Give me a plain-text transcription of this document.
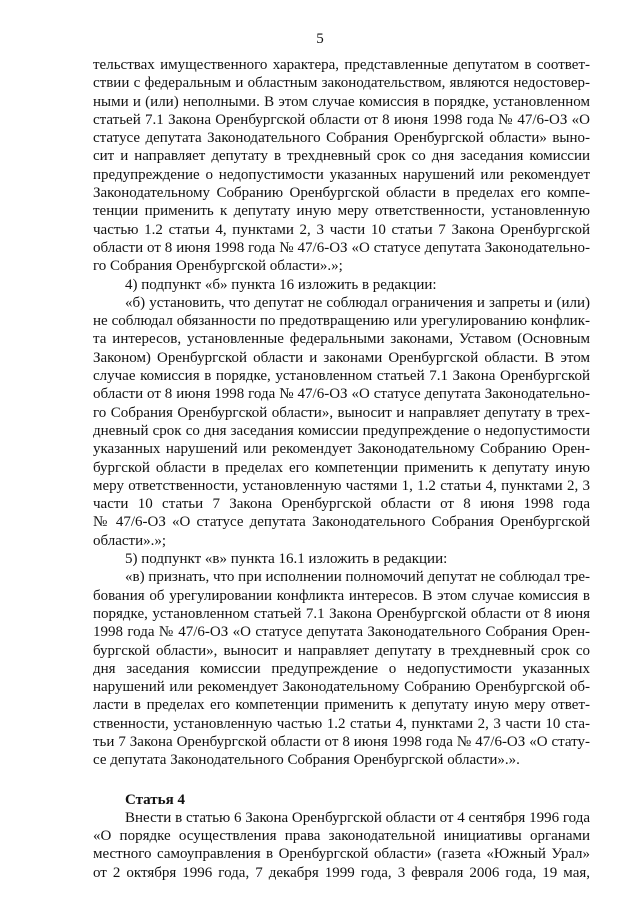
5
тельствах имущественного характера, представленные депутатом в соответ-
ствии с федеральным и областным законодательством, являются недостовер-
ными и (или) неполными. В этом случае комиссия в порядке, установленном
статьей 7.1 Закона Оренбургской области от 8 июня 1998 года № 47/6-ОЗ «О
статусе депутата Законодательного Собрания Оренбургской области» выно-
сит и направляет депутату в трехдневный срок со дня заседания комиссии
предупреждение о недопустимости указанных нарушений или рекомендует
Законодательному Собранию Оренбургской области в пределах его компе-
тенции применить к депутату иную меру ответственности, установленную
частью 1.2 статьи 4, пунктами 2, 3 части 10 статьи 7 Закона Оренбургской
области от 8 июня 1998 года № 47/6-ОЗ «О статусе депутата Законодательно-
го Собрания Оренбургской области».»;
4) подпункт «б» пункта 16 изложить в редакции:
«б) установить, что депутат не соблюдал ограничения и запреты и (или)
не соблюдал обязанности по предотвращению или урегулированию конфлик-
та интересов, установленные федеральными законами, Уставом (Основным
Законом) Оренбургской области и законами Оренбургской области. В этом
случае комиссия в порядке, установленном статьей 7.1 Закона Оренбургской
области от 8 июня 1998 года № 47/6-ОЗ «О статусе депутата Законодательно-
го Собрания Оренбургской области», выносит и направляет депутату в трех-
дневный срок со дня заседания комиссии предупреждение о недопустимости
указанных нарушений или рекомендует Законодательному Собранию Орен-
бургской области в пределах его компетенции применить к депутату иную
меру ответственности, установленную частями 1, 1.2 статьи 4, пунктами 2, 3
части 10 статьи 7 Закона Оренбургской области от 8 июня 1998 года
№ 47/6-ОЗ «О статусе депутата Законодательного Собрания Оренбургской
области».»;
5) подпункт «в» пункта 16.1 изложить в редакции:
«в) признать, что при исполнении полномочий депутат не соблюдал тре-
бования об урегулировании конфликта интересов. В этом случае комиссия в
порядке, установленном статьей 7.1 Закона Оренбургской области от 8 июня
1998 года № 47/6-ОЗ «О статусе депутата Законодательного Собрания Орен-
бургской области», выносит и направляет депутату в трехдневный срок со
дня заседания комиссии предупреждение о недопустимости указанных
нарушений или рекомендует Законодательному Собранию Оренбургской об-
ласти в пределах его компетенции применить к депутату иную меру ответ-
ственности, установленную частью 1.2 статьи 4, пунктами 2, 3 части 10 ста-
тьи 7 Закона Оренбургской области от 8 июня 1998 года № 47/6-ОЗ «О стату-
се депутата Законодательного Собрания Оренбургской области».».
Статья 4
Внести в статью 6 Закона Оренбургской области от 4 сентября 1996 года
«О порядке осуществления права законодательной инициативы органами
местного самоуправления в Оренбургской области» (газета «Южный Урал»
от 2 октября 1996 года, 7 декабря 1999 года, 3 февраля 2006 года, 19 мая,
